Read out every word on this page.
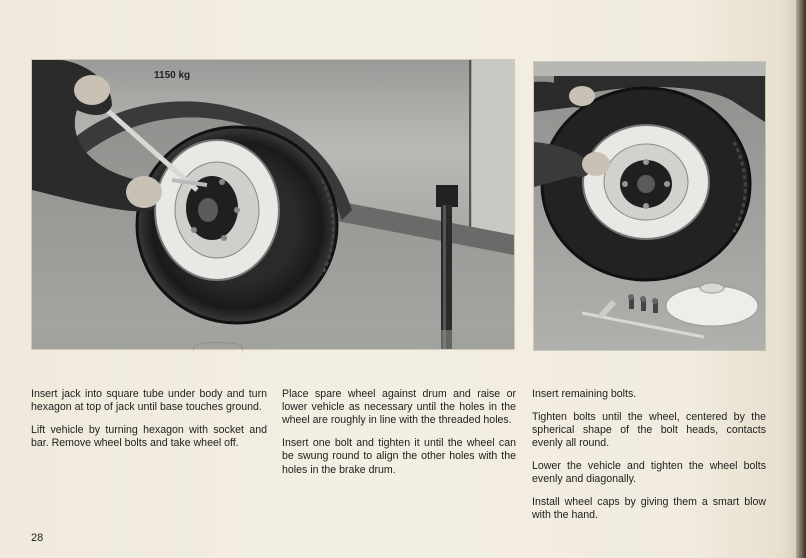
1150 kg

Insert jack into square tube under body and turn hexagon at top of jack until base touches ground.

Lift vehicle by turning hexagon with socket and bar. Remove wheel bolts and take wheel off.

Place spare wheel against drum and raise or lower vehicle as necessary until the holes in the wheel are roughly in line with the threaded holes.

Insert one bolt and tighten it until the wheel can be swung round to align the other holes with the holes in the brake drum.

Insert remaining bolts.

Tighten bolts until the wheel, centered by the spherical shape of the bolt heads, contacts evenly all round.

Lower the vehicle and tighten the wheel bolts evenly and diagonally.

Install wheel caps by giving them a smart blow with the hand.

28
